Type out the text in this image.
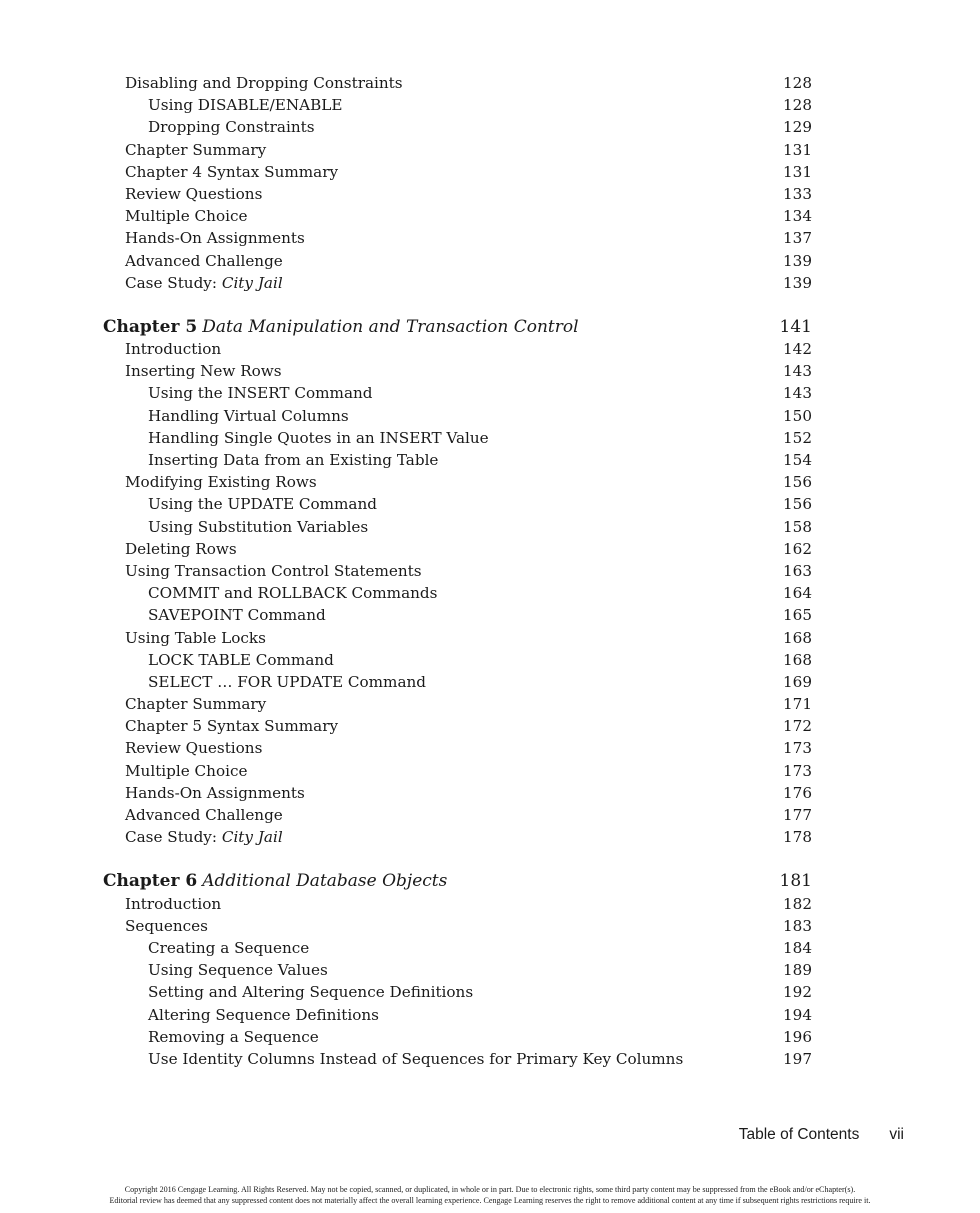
Disabling and Dropping Constraints	128
Using DISABLE/ENABLE	128
Dropping Constraints	129
Chapter Summary	131
Chapter 4 Syntax Summary	131
Review Questions	133
Multiple Choice	134
Hands-On Assignments	137
Advanced Challenge	139
Case Study: City Jail	139
Chapter 5 Data Manipulation and Transaction Control	141
Introduction	142
Inserting New Rows	143
Using the INSERT Command	143
Handling Virtual Columns	150
Handling Single Quotes in an INSERT Value	152
Inserting Data from an Existing Table	154
Modifying Existing Rows	156
Using the UPDATE Command	156
Using Substitution Variables	158
Deleting Rows	162
Using Transaction Control Statements	163
COMMIT and ROLLBACK Commands	164
SAVEPOINT Command	165
Using Table Locks	168
LOCK TABLE Command	168
SELECT … FOR UPDATE Command	169
Chapter Summary	171
Chapter 5 Syntax Summary	172
Review Questions	173
Multiple Choice	173
Hands-On Assignments	176
Advanced Challenge	177
Case Study: City Jail	178
Chapter 6 Additional Database Objects	181
Introduction	182
Sequences	183
Creating a Sequence	184
Using Sequence Values	189
Setting and Altering Sequence Definitions	192
Altering Sequence Definitions	194
Removing a Sequence	196
Use Identity Columns Instead of Sequences for Primary Key Columns	197
Table of Contents vii
Copyright 2016 Cengage Learning. All Rights Reserved. May not be copied, scanned, or duplicated, in whole or in part. Due to electronic rights, some third party content may be suppressed from the eBook and/or eChapter(s).
Editorial review has deemed that any suppressed content does not materially affect the overall learning experience. Cengage Learning reserves the right to remove additional content at any time if subsequent rights restrictions require it.
